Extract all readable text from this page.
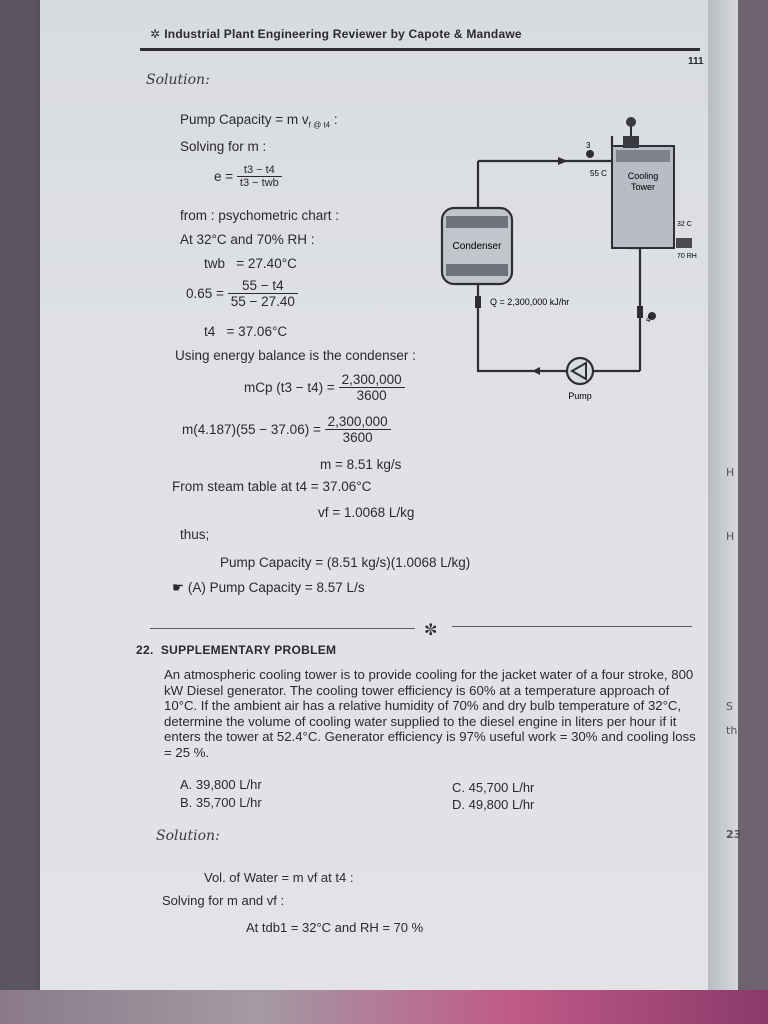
H
H
S
th
23
✲ Industrial Plant Engineering Reviewer by Capote & Mandawe
111
Solution:
Pump Capacity = m $v_{f @ t4}$ :
Solving for m :
$e = \frac{t3 - t4}{\text{t3 − twb}}$
from : psychometric chart :
At 32°C and 70% RH :
twb = 27.40°C
$0.65 = \frac{55 - t4}{55 - 27.40}$
t4 = 37.06°C
Using energy balance is the condenser :
mCp $(t3 - t4) = \frac{2,300,000}{3600}$
$m(4.187)(55 - 37.06) = \frac{2,300,000}{3600}$
m = 8.51 kg/s
From steam table at t4 = 37.06°C
vf = 1.0068 L/kg
thus;
Pump Capacity = (8.51 kg/s)(1.0068 L/kg)
☛ (A) Pump Capacity = 8.57 L/s
Cooling
Tower
55 C
3
32 C
70 RH
Condenser
Q = 2,300,000 kJ/hr
4
Pump
✼
22. SUPPLEMENTARY PROBLEM
An atmospheric cooling tower is to provide cooling for the jacket water of a four stroke, 800 kW Diesel generator. The cooling tower efficiency is 60% at a temperature approach of 10°C. If the ambient air has a relative humidity of 70% and dry bulb temperature of 32°C, determine the volume of cooling water supplied to the diesel engine in liters per hour if it enters the tower at 52.4°C. Generator efficiency is 97% useful work = 30% and cooling loss = 25 %.
A. 39,800 L/hr
B. 35,700 L/hr
C. 45,700 L/hr
D. 49,800 L/hr
Solution:
Vol. of Water = m vf at t4 :
Solving for m and vf :
At tdb1 = 32°C and RH = 70 %
